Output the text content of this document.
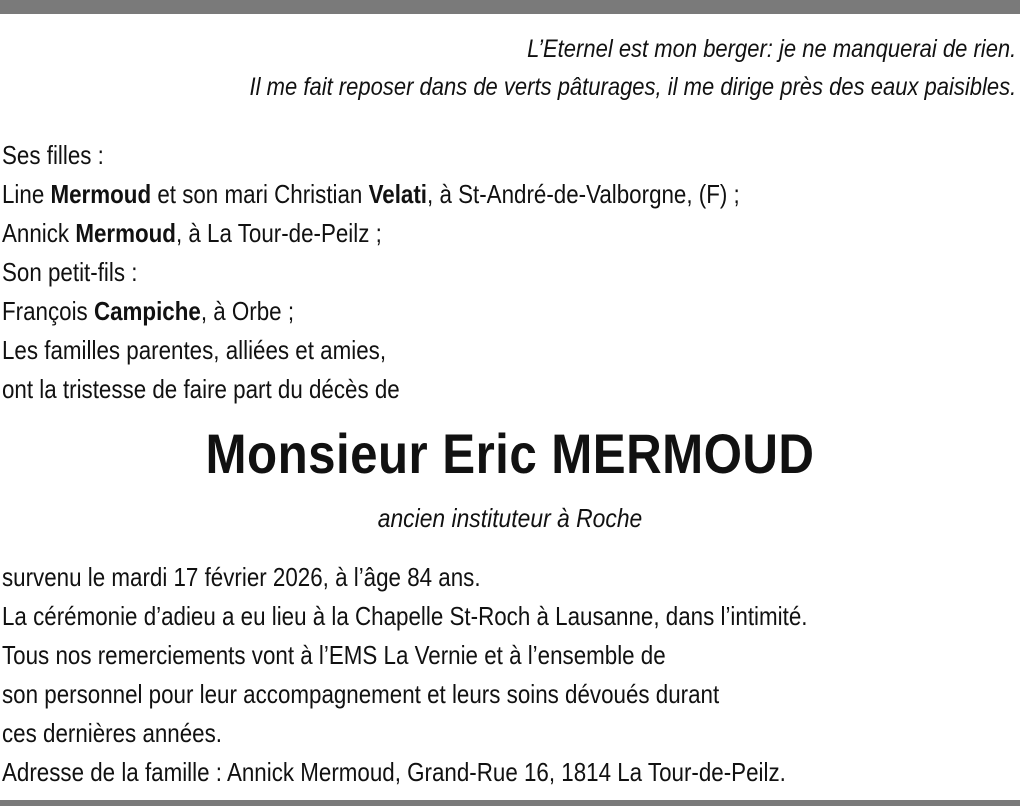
L’Eternel est mon berger: je ne manquerai de rien.
Il me fait reposer dans de verts pâturages, il me dirige près des eaux paisibles.
Ses filles :
Line Mermoud et son mari Christian Velati, à St-André-de-Valborgne, (F) ;
Annick Mermoud, à La Tour-de-Peilz ;
Son petit-fils :
François Campiche, à Orbe ;
Les familles parentes, alliées et amies,
ont la tristesse de faire part du décès de
Monsieur Eric MERMOUD
ancien instituteur à Roche
survenu le mardi 17 février 2026, à l’âge 84 ans.
La cérémonie d’adieu a eu lieu à la Chapelle St-Roch à Lausanne, dans l’intimité.
Tous nos remerciements vont à l’EMS La Vernie et à l’ensemble de
son personnel pour leur accompagnement et leurs soins dévoués durant
ces dernières années.
Adresse de la famille : Annick Mermoud, Grand-Rue 16, 1814 La Tour-de-Peilz.
